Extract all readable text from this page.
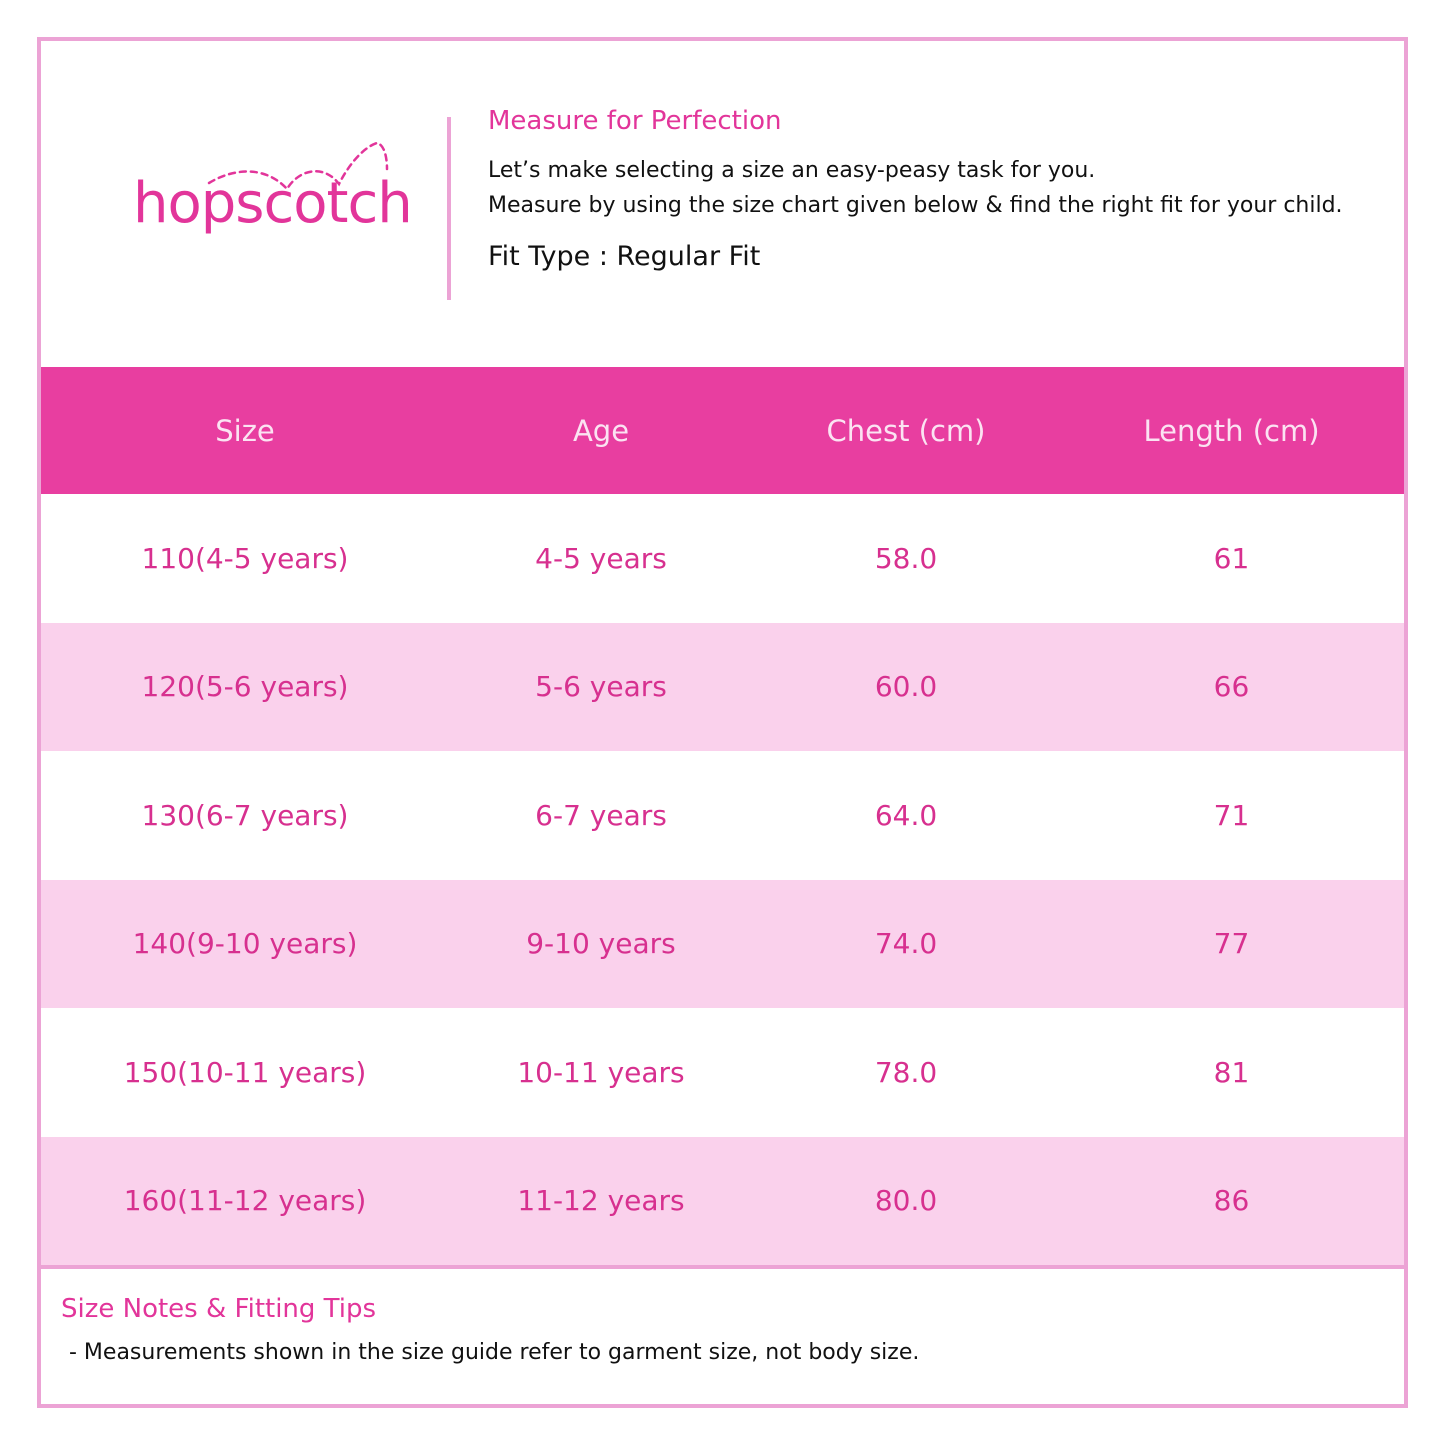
hopscotch
Measure for Perfection

Let’s make selecting a size an easy-peasy task for you.

Measure by using the size chart given below & find the right fit for your child.

Fit Type : Regular Fit
Size	Age	Chest (cm)	Length (cm)
110(4-5 years)	4-5 years	58.0	61
120(5-6 years)	5-6 years	60.0	66
130(6-7 years)	6-7 years	64.0	71
140(9-10 years)	9-10 years	74.0	77
150(10-11 years)	10-11 years	78.0	81
160(11-12 years)	11-12 years	80.0	86
Size Notes & Fitting Tips
- Measurements shown in the size guide refer to garment size, not body size.
